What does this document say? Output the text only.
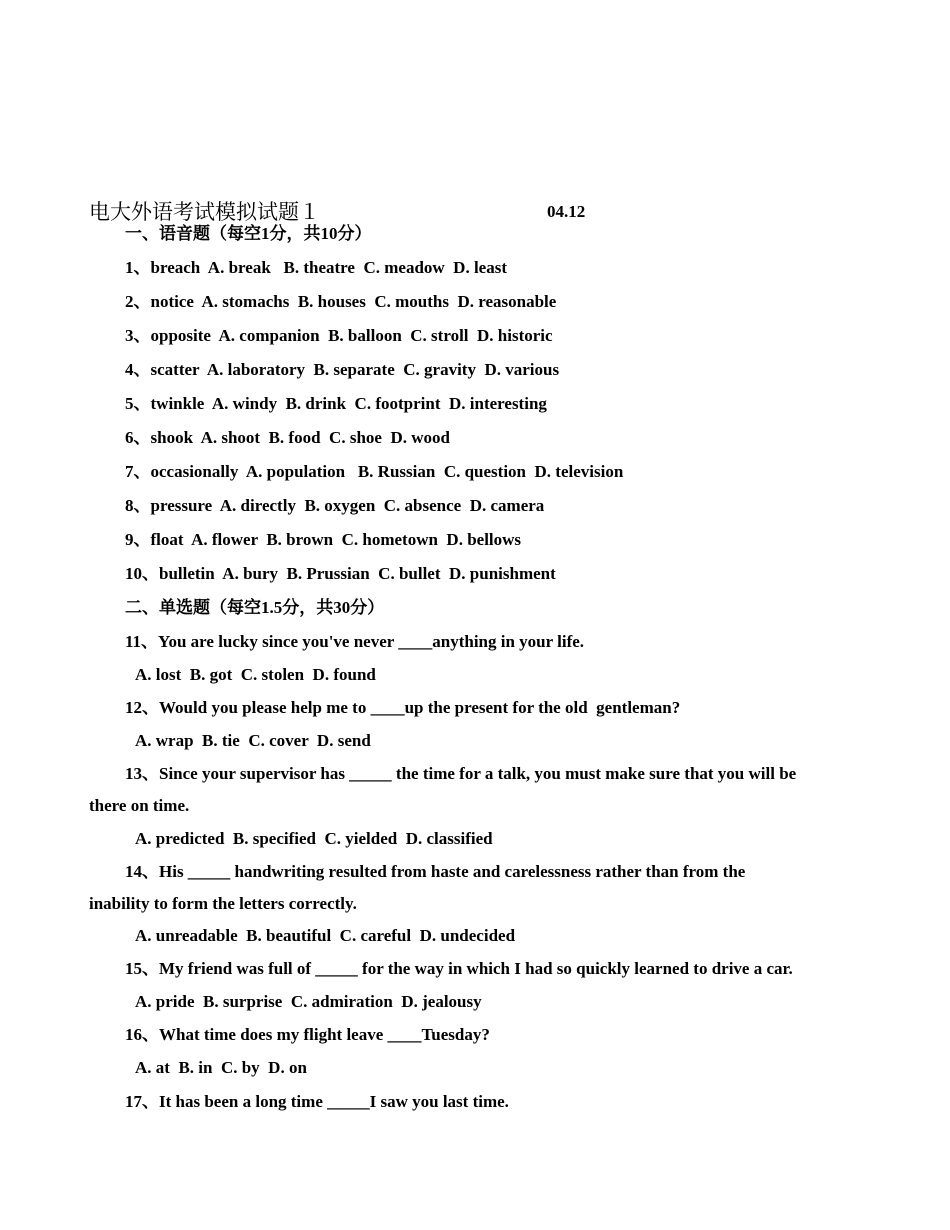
电大外语考试模拟试题１	04.12
一、语音题（每空1分，共10分）
1、breach  A. break   B. theatre  C. meadow  D. least
2、notice  A. stomachs  B. houses  C. mouths  D. reasonable
3、opposite  A. companion  B. balloon  C. stroll  D. historic
4、scatter  A. laboratory  B. separate  C. gravity  D. various
5、twinkle  A. windy  B. drink  C. footprint  D. interesting
6、shook  A. shoot  B. food  C. shoe  D. wood
7、occasionally  A. population   B. Russian  C. question  D. television
8、pressure  A. directly  B. oxygen  C. absence  D. camera
9、float  A. flower  B. brown  C. hometown  D. bellows
10、bulletin  A. bury  B. Prussian  C. bullet  D. punishment
二、单选题（每空1.5分，共30分）
11、You are lucky since you've never ____anything in your life.
A. lost  B. got  C. stolen  D. found
12、Would you please help me to ____up the present for the old  gentleman?
A. wrap  B. tie  C. cover  D. send
13、Since your supervisor has _____ the time for a talk, you must make sure that you will be
there on time.
A. predicted  B. specified  C. yielded  D. classified
14、His _____ handwriting resulted from haste and carelessness rather than from the
inability to form the letters correctly.
A. unreadable  B. beautiful  C. careful  D. undecided
15、My friend was full of _____ for the way in which I had so quickly learned to drive a car.
A. pride  B. surprise  C. admiration  D. jealousy
16、What time does my flight leave ____Tuesday?
A. at  B. in  C. by  D. on
17、It has been a long time _____I saw you last time.
